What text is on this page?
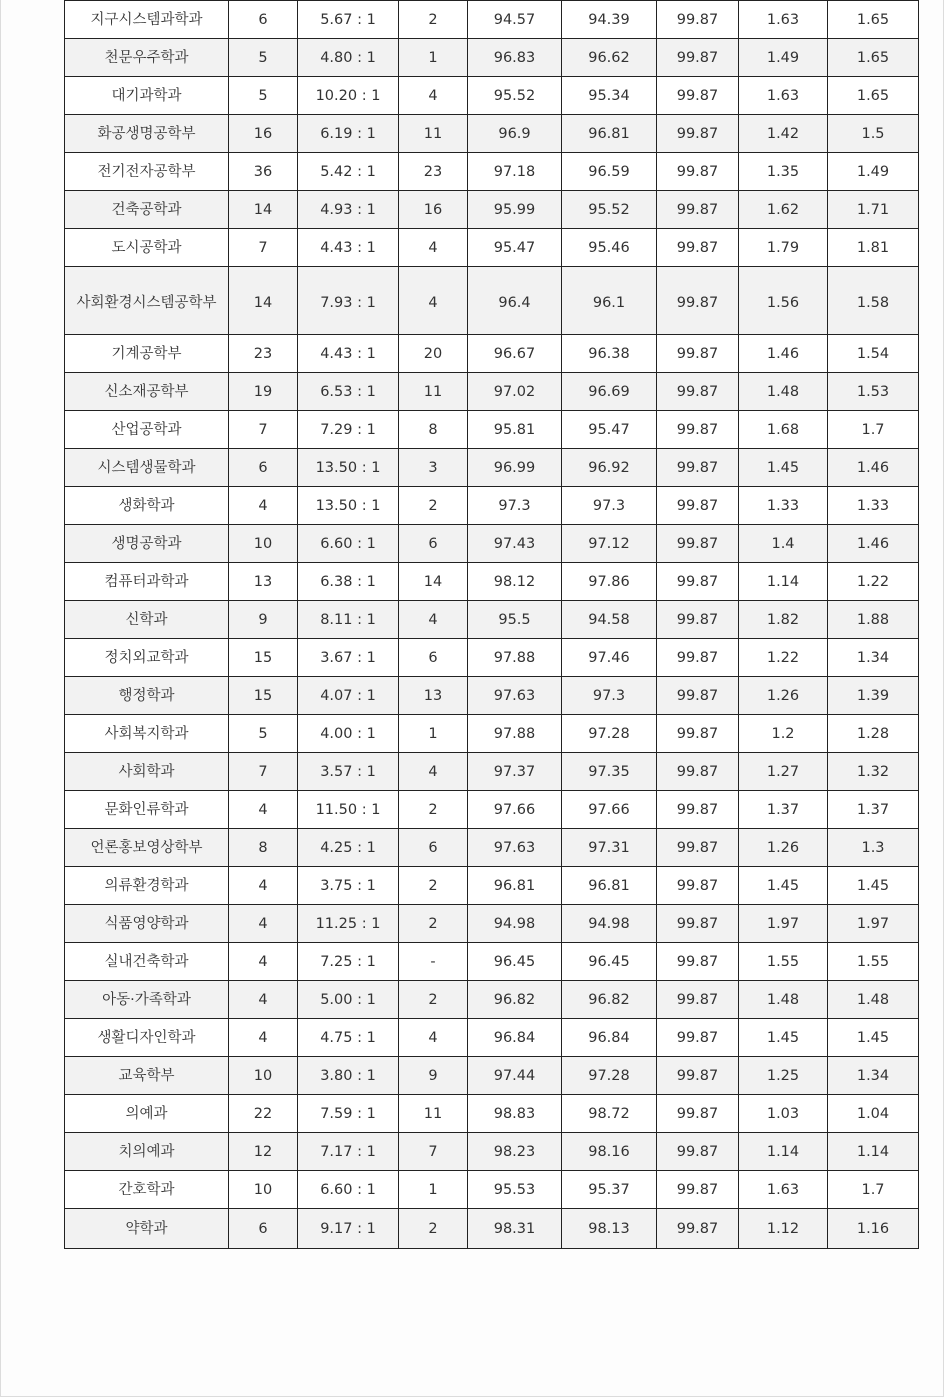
지구시스템과학과	6	5.67 : 1	2	94.57	94.39	99.87	1.63	1.65
천문우주학과	5	4.80 : 1	1	96.83	96.62	99.87	1.49	1.65
대기과학과	5	10.20 : 1	4	95.52	95.34	99.87	1.63	1.65
화공생명공학부	16	6.19 : 1	11	96.9	96.81	99.87	1.42	1.5
전기전자공학부	36	5.42 : 1	23	97.18	96.59	99.87	1.35	1.49
건축공학과	14	4.93 : 1	16	95.99	95.52	99.87	1.62	1.71
도시공학과	7	4.43 : 1	4	95.47	95.46	99.87	1.79	1.81
사회환경시스템공학부	14	7.93 : 1	4	96.4	96.1	99.87	1.56	1.58
기계공학부	23	4.43 : 1	20	96.67	96.38	99.87	1.46	1.54
신소재공학부	19	6.53 : 1	11	97.02	96.69	99.87	1.48	1.53
산업공학과	7	7.29 : 1	8	95.81	95.47	99.87	1.68	1.7
시스템생물학과	6	13.50 : 1	3	96.99	96.92	99.87	1.45	1.46
생화학과	4	13.50 : 1	2	97.3	97.3	99.87	1.33	1.33
생명공학과	10	6.60 : 1	6	97.43	97.12	99.87	1.4	1.46
컴퓨터과학과	13	6.38 : 1	14	98.12	97.86	99.87	1.14	1.22
신학과	9	8.11 : 1	4	95.5	94.58	99.87	1.82	1.88
정치외교학과	15	3.67 : 1	6	97.88	97.46	99.87	1.22	1.34
행정학과	15	4.07 : 1	13	97.63	97.3	99.87	1.26	1.39
사회복지학과	5	4.00 : 1	1	97.88	97.28	99.87	1.2	1.28
사회학과	7	3.57 : 1	4	97.37	97.35	99.87	1.27	1.32
문화인류학과	4	11.50 : 1	2	97.66	97.66	99.87	1.37	1.37
언론홍보영상학부	8	4.25 : 1	6	97.63	97.31	99.87	1.26	1.3
의류환경학과	4	3.75 : 1	2	96.81	96.81	99.87	1.45	1.45
식품영양학과	4	11.25 : 1	2	94.98	94.98	99.87	1.97	1.97
실내건축학과	4	7.25 : 1	-	96.45	96.45	99.87	1.55	1.55
아동·가족학과	4	5.00 : 1	2	96.82	96.82	99.87	1.48	1.48
생활디자인학과	4	4.75 : 1	4	96.84	96.84	99.87	1.45	1.45
교육학부	10	3.80 : 1	9	97.44	97.28	99.87	1.25	1.34
의예과	22	7.59 : 1	11	98.83	98.72	99.87	1.03	1.04
치의예과	12	7.17 : 1	7	98.23	98.16	99.87	1.14	1.14
간호학과	10	6.60 : 1	1	95.53	95.37	99.87	1.63	1.7
약학과	6	9.17 : 1	2	98.31	98.13	99.87	1.12	1.16
